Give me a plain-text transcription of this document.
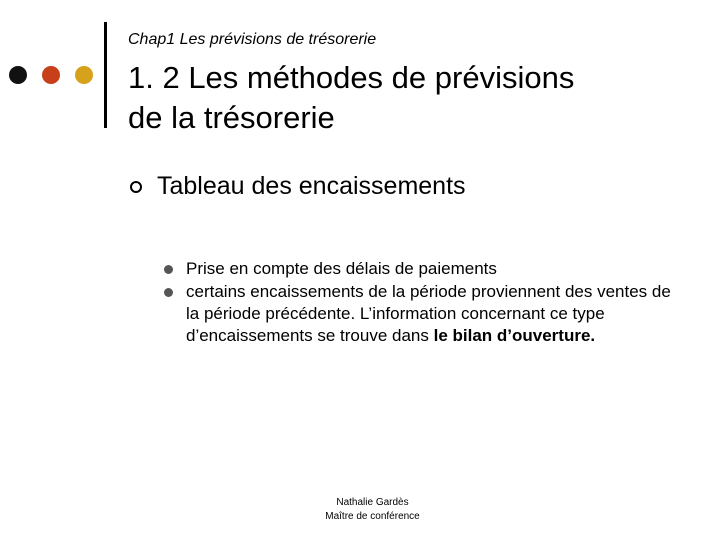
Chap1 Les prévisions de trésorerie
1. 2 Les méthodes de prévisions
de la trésorerie
Tableau des encaissements
Prise en compte des délais de paiements
certains encaissements de la période proviennent des ventes de la période précédente. L’information concernant ce type d’encaissements se trouve dans le bilan d’ouverture.
Nathalie Gardès
Maître de conférence
